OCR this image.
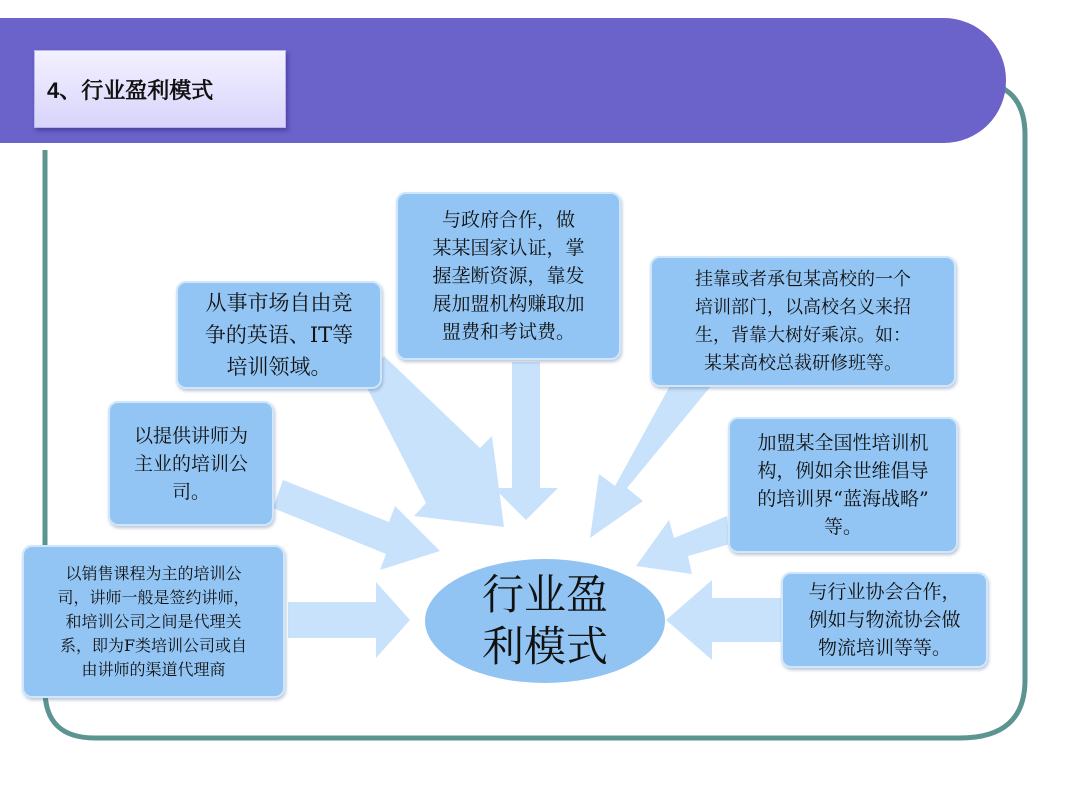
4、行业盈利模式
与政府合作，做
某某国家认证，掌
握垄断资源，靠发
展加盟机构赚取加
盟费和考试费。
从事市场自由竞
争的英语、IT等
培训领域。
挂靠或者承包某高校的一个
培训部门，以高校名义来招
生，背靠大树好乘凉。如：
某某高校总裁研修班等。
以提供讲师为
主业的培训公
司。
加盟某全国性培训机
构，例如余世维倡导
的培训界“蓝海战略”
等。
以销售课程为主的培训公
司，讲师一般是签约讲师，
和培训公司之间是代理关
系，即为F类培训公司或自
由讲师的渠道代理商
与行业协会合作，
例如与物流协会做
物流培训等等。
行业盈
利模式
